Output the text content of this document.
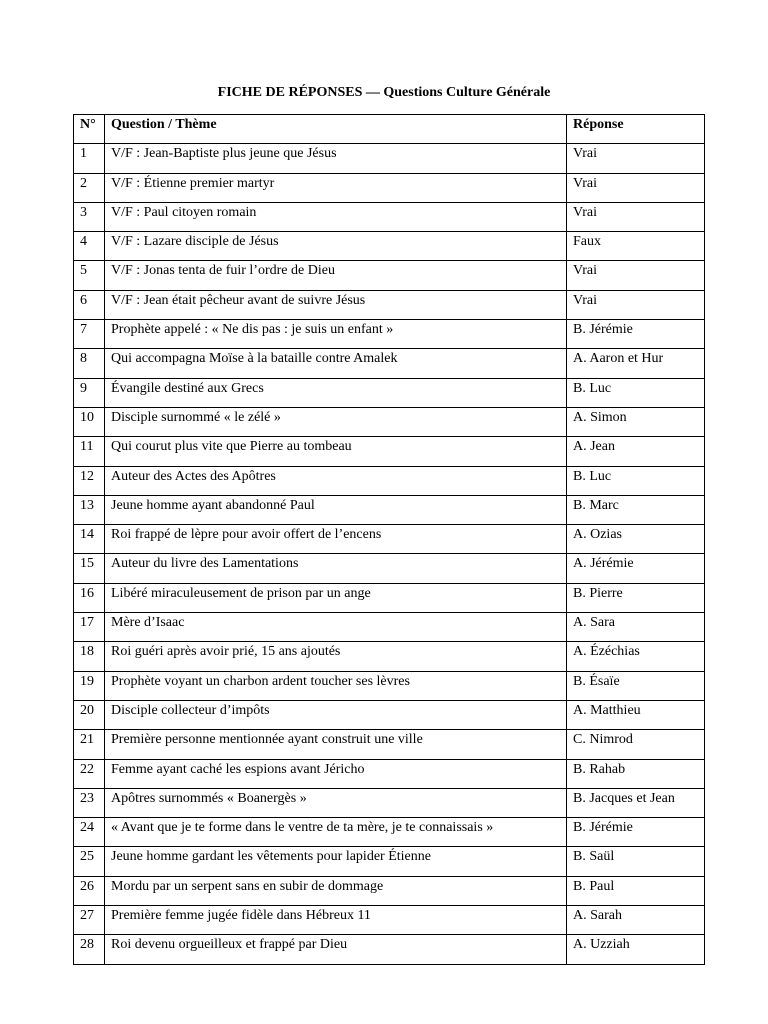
FICHE DE RÉPONSES — Questions Culture Générale
N°	Question / Thème	Réponse
1	V/F : Jean-Baptiste plus jeune que Jésus	Vrai
2	V/F : Étienne premier martyr	Vrai
3	V/F : Paul citoyen romain	Vrai
4	V/F : Lazare disciple de Jésus	Faux
5	V/F : Jonas tenta de fuir l’ordre de Dieu	Vrai
6	V/F : Jean était pêcheur avant de suivre Jésus	Vrai
7	Prophète appelé : « Ne dis pas : je suis un enfant »	B. Jérémie
8	Qui accompagna Moïse à la bataille contre Amalek	A. Aaron et Hur
9	Évangile destiné aux Grecs	B. Luc
10	Disciple surnommé « le zélé »	A. Simon
11	Qui courut plus vite que Pierre au tombeau	A. Jean
12	Auteur des Actes des Apôtres	B. Luc
13	Jeune homme ayant abandonné Paul	B. Marc
14	Roi frappé de lèpre pour avoir offert de l’encens	A. Ozias
15	Auteur du livre des Lamentations	A. Jérémie
16	Libéré miraculeusement de prison par un ange	B. Pierre
17	Mère d’Isaac	A. Sara
18	Roi guéri après avoir prié, 15 ans ajoutés	A. Ézéchias
19	Prophète voyant un charbon ardent toucher ses lèvres	B. Ésaïe
20	Disciple collecteur d’impôts	A. Matthieu
21	Première personne mentionnée ayant construit une ville	C. Nimrod
22	Femme ayant caché les espions avant Jéricho	B. Rahab
23	Apôtres surnommés « Boanergès »	B. Jacques et Jean
24	« Avant que je te forme dans le ventre de ta mère, je te connaissais »	B. Jérémie
25	Jeune homme gardant les vêtements pour lapider Étienne	B. Saül
26	Mordu par un serpent sans en subir de dommage	B. Paul
27	Première femme jugée fidèle dans Hébreux 11	A. Sarah
28	Roi devenu orgueilleux et frappé par Dieu	A. Uzziah
